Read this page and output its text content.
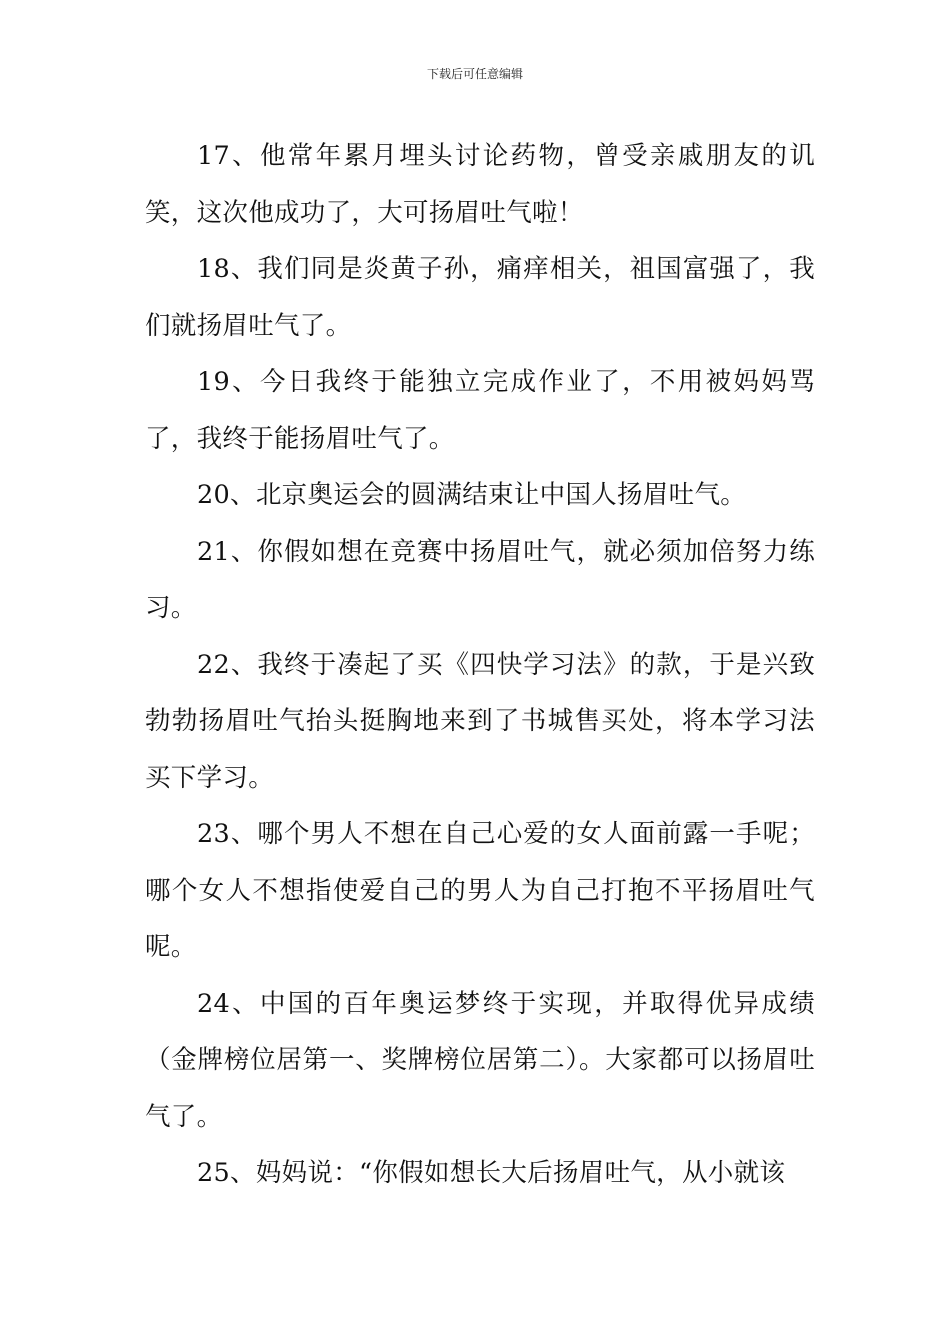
下载后可任意编辑

17、他常年累月埋头讨论药物，曾受亲戚朋友的讥笑，这次他成功了，大可扬眉吐气啦！

18、我们同是炎黄子孙，痛痒相关，祖国富强了，我们就扬眉吐气了。

19、今日我终于能独立完成作业了，不用被妈妈骂了，我终于能扬眉吐气了。

20、北京奥运会的圆满结束让中国人扬眉吐气。

21、你假如想在竞赛中扬眉吐气，就必须加倍努力练习。

22、我终于凑起了买《四快学习法》的款，于是兴致勃勃扬眉吐气抬头挺胸地来到了书城售买处，将本学习法买下学习。

23、哪个男人不想在自己心爱的女人面前露一手呢；哪个女人不想指使爱自己的男人为自己打抱不平扬眉吐气呢。

24、中国的百年奥运梦终于实现，并取得优异成绩（金牌榜位居第一、奖牌榜位居第二）。大家都可以扬眉吐气了。

25、妈妈说：“你假如想长大后扬眉吐气，从小就该
